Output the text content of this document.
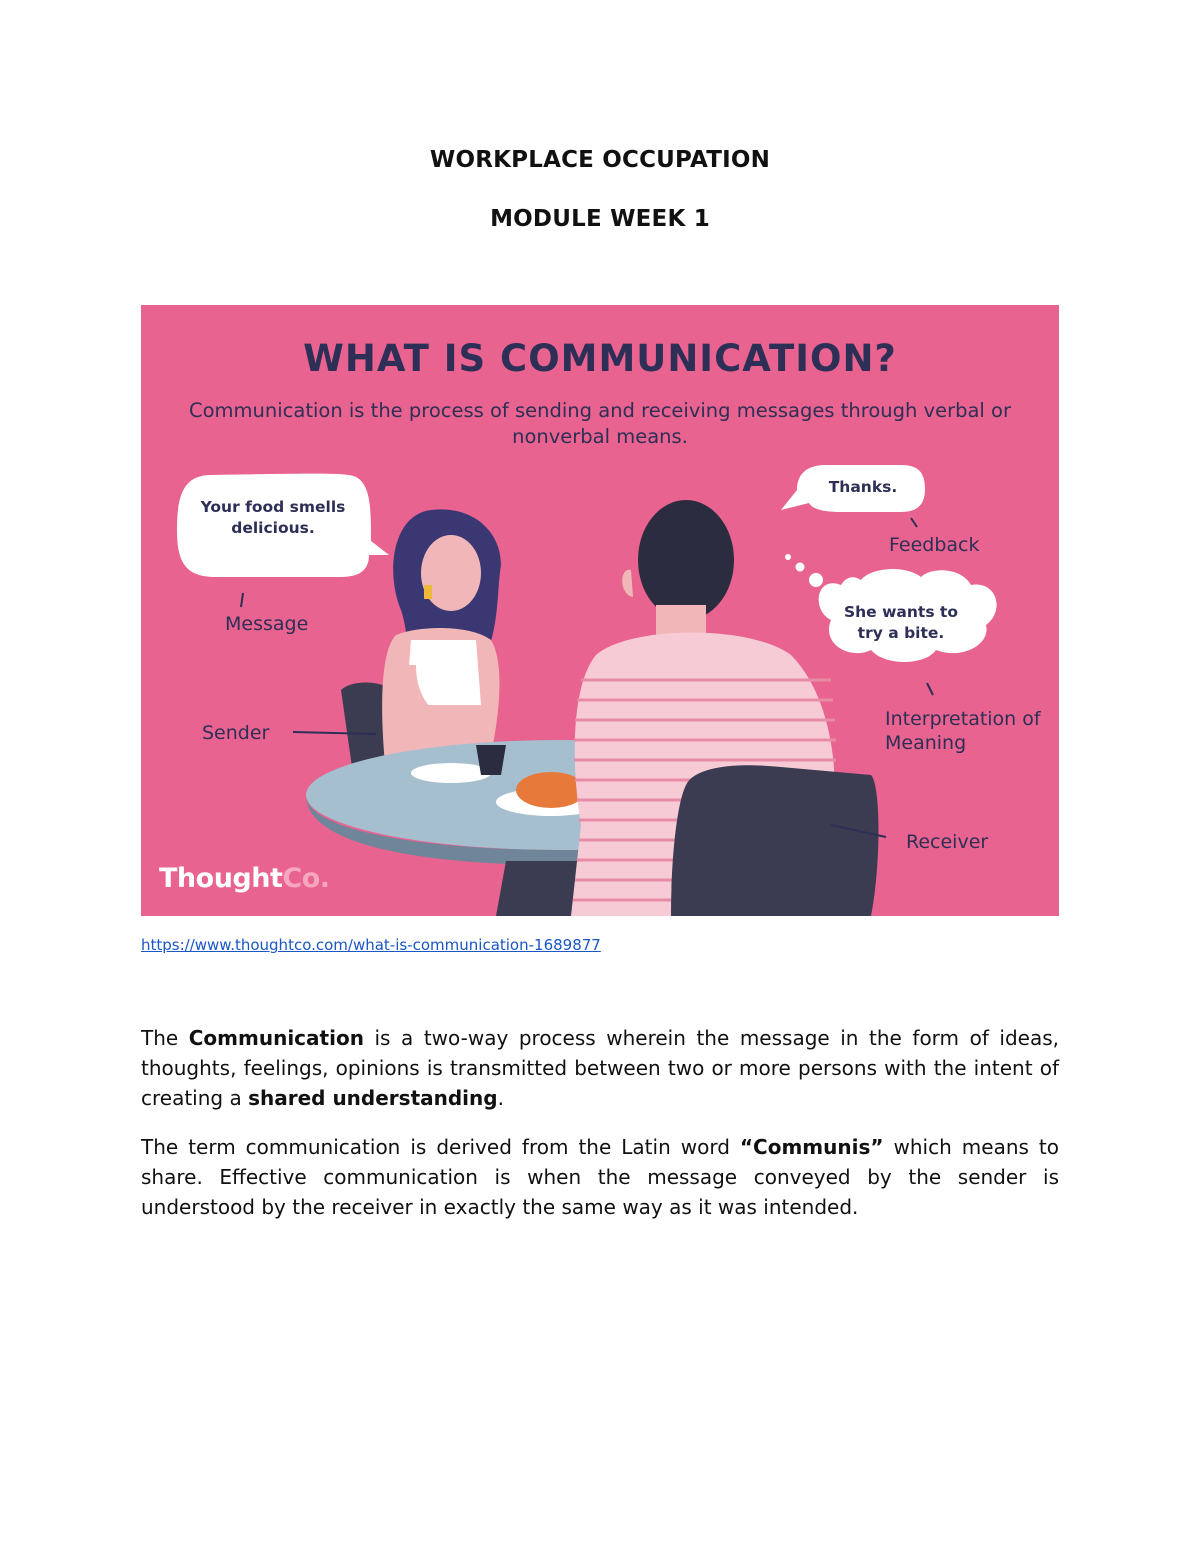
WORKPLACE OCCUPATION
MODULE WEEK 1
WHAT IS COMMUNICATION?
Communication is the process of sending and receiving messages through verbal or nonverbal means.
Your food smells delicious.
Thanks.
She wants to try a bite.
Message
Sender
Feedback
Interpretation of Meaning
Receiver
ThoughtCo.
https://www.thoughtco.com/what-is-communication-1689877

The Communication is a two-way process wherein the message in the form of ideas, thoughts, feelings, opinions is transmitted between two or more persons with the intent of creating a shared understanding.

The term communication is derived from the Latin word “Communis” which means to share. Effective communication is when the message conveyed by the sender is understood by the receiver in exactly the same way as it was intended.
